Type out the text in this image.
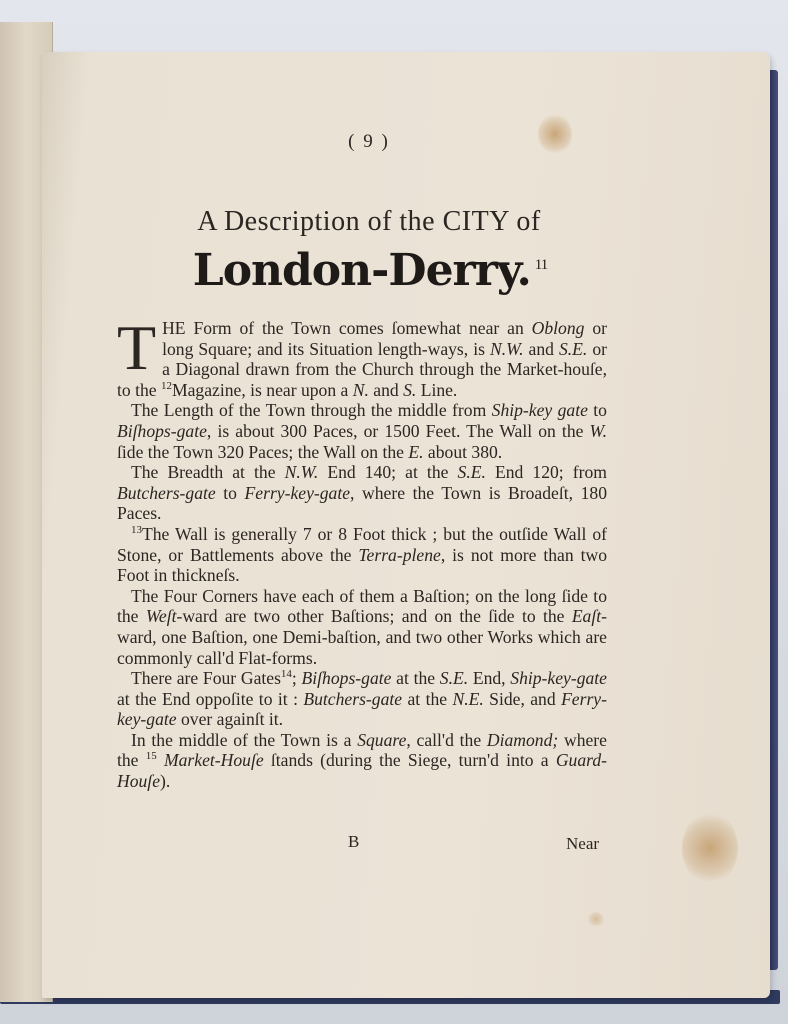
( 9 )
A Description of the CITY of
London-Derry. $^{11}$

THE Form of the Town comes ſomewhat near an Oblong or long Square; and its Situation length-ways, is N.W. and S.E. or a Diagonal drawn from the Church through the Market-houſe, to the $^{12}$Magazine, is near upon a N. and S. Line.

The Length of the Town through the middle from Ship-key gate to Biſhops-gate, is about 300 Paces, or 1500 Feet. The Wall on the W. ſide the Town 320 Paces; the Wall on the E. about 380.

The Breadth at the N.W. End 140; at the S.E. End 120; from Butchers-gate to Ferry-key-gate, where the Town is Broadeſt, 180 Paces.

$^{13}$The Wall is generally 7 or 8 Foot thick ; but the outſide Wall of Stone, or Battlements above the Terra-plene, is not more than two Foot in thickneſs.

The Four Corners have each of them a Baſtion; on the long ſide to the Weſt-ward are two other Baſtions; and on the ſide to the Eaſt-ward, one Baſtion, one Demi-baſtion, and two other Works which are commonly call'd Flat-forms.

There are Four Gates$^{14}$; Biſhops-gate at the S.E. End, Ship-key-gate at the End oppoſite to it : Butchers-gate at the N.E. Side, and Ferry-key-gate over againſt it.

In the middle of the Town is a Square, call'd the Diamond; where the $^{15}$ Market-Houſe ſtands (during the Siege, turn'd into a Guard-Houſe).

B	Near
